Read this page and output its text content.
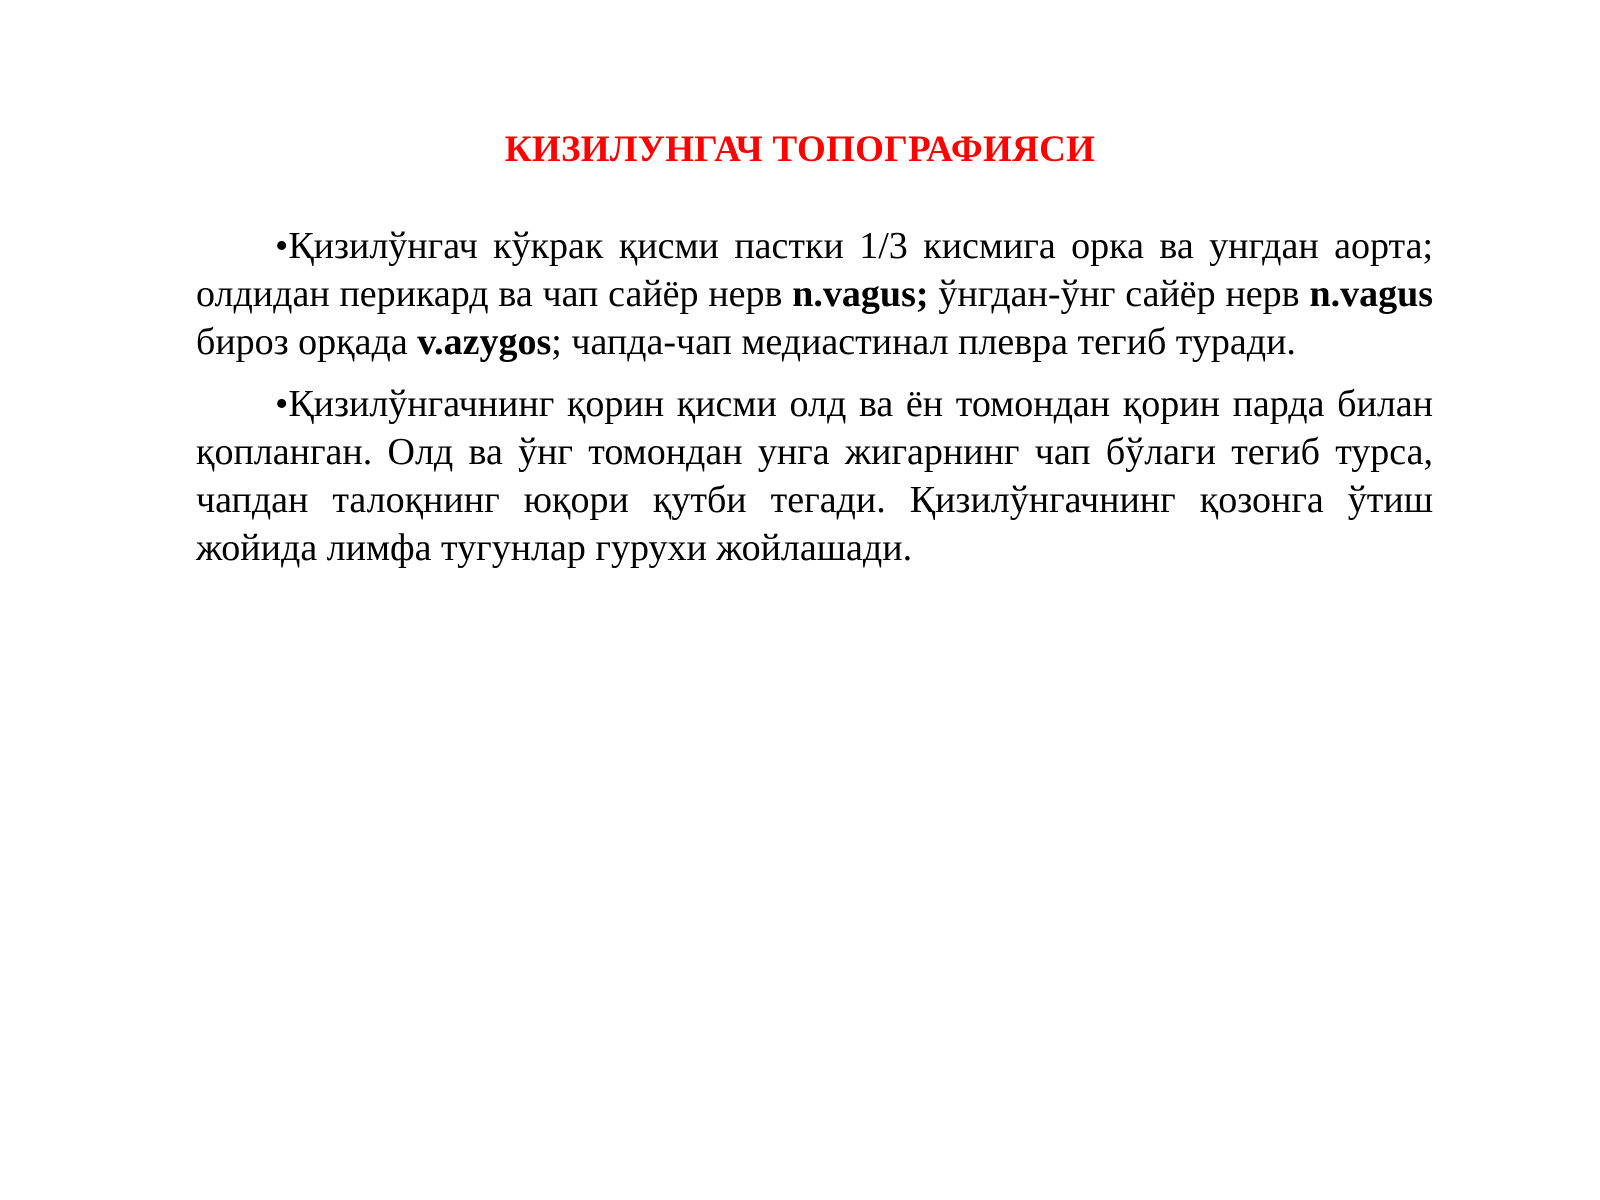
КИЗИЛУНГАЧ ТОПОГРАФИЯСИ

•Қизилўнгач кўкрак қисми пастки 1/3 кисмига орка ва унгдан аорта; олдидан перикард ва чап сайёр нерв n.vagus; ўнгдан-ўнг сайёр нерв n.vagus бироз орқада v.azygos; чапда-чап медиастинал плевра тегиб туради.

•Қизилўнгачнинг қорин қисми олд ва ён томондан қорин парда билан қопланган. Олд ва ўнг томондан унга жигарнинг чап бўлаги тегиб турса, чапдан талоқнинг юқори қутби тегади. Қизилўнгачнинг қозонга ўтиш жойида лимфа тугунлар гурухи жойлашади.
